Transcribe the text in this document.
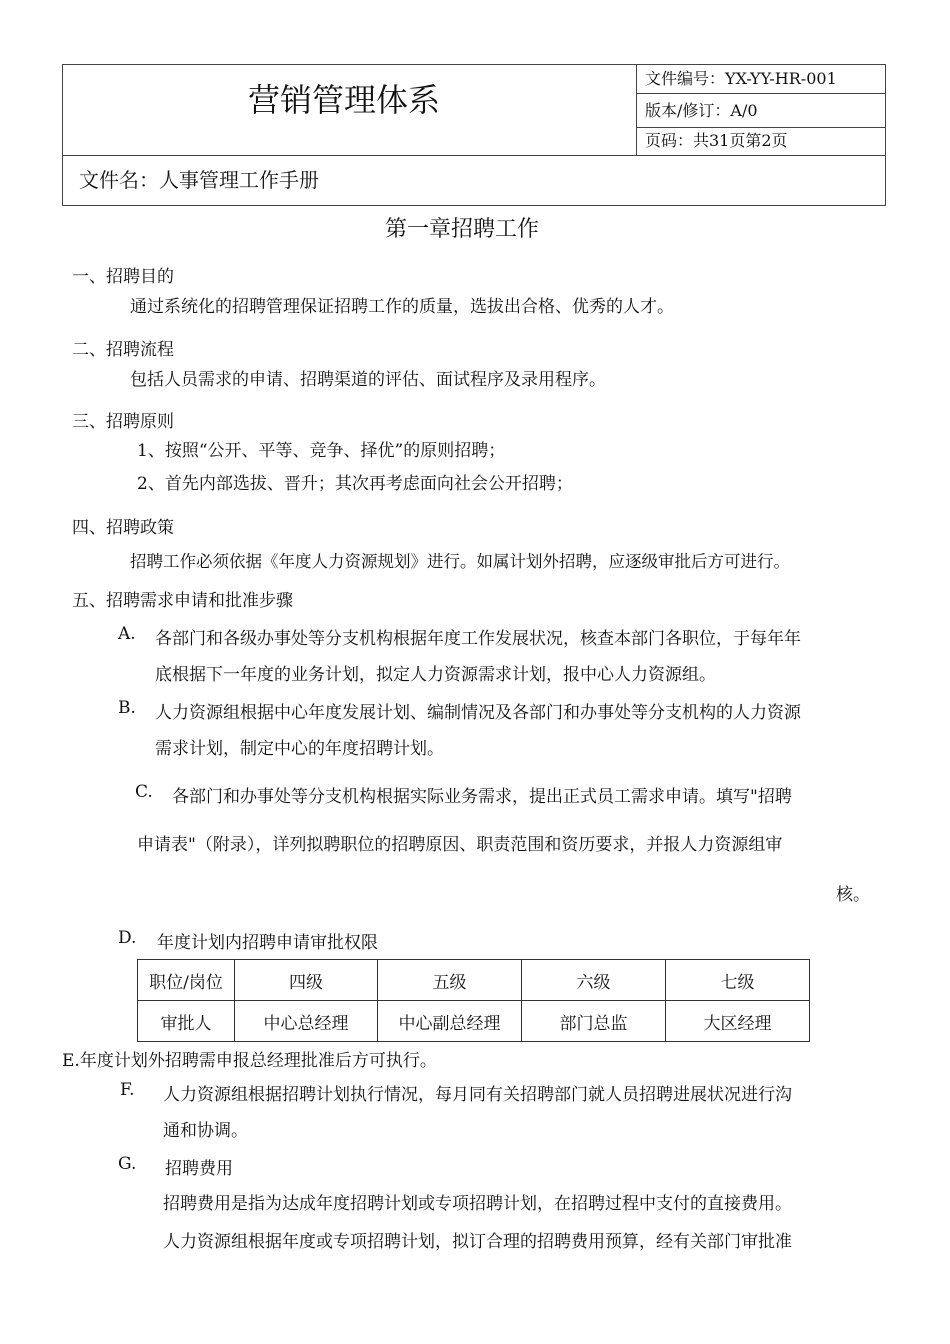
营销管理体系
文件编号：YX-YY-HR-001
版本/修订：A/0
页码：共31页第2页
文件名：人事管理工作手册
第一章招聘工作
一、招聘目的
通过系统化的招聘管理保证招聘工作的质量，选拔出合格、优秀的人才。
二、招聘流程
包括人员需求的申请、招聘渠道的评估、面试程序及录用程序。
三、招聘原则
1、按照“公开、平等、竞争、择优”的原则招聘；
2、首先内部选拔、晋升；其次再考虑面向社会公开招聘；
四、招聘政策
招聘工作必须依据《年度人力资源规划》进行。如属计划外招聘，应逐级审批后方可进行。
五、招聘需求申请和批准步骤
A. 各部门和各级办事处等分支机构根据年度工作发展状况，核查本部门各职位，于每年年
底根据下一年度的业务计划，拟定人力资源需求计划，报中心人力资源组。
B. 人力资源组根据中心年度发展计划、编制情况及各部门和办事处等分支机构的人力资源
需求计划，制定中心的年度招聘计划。
C. 各部门和办事处等分支机构根据实际业务需求，提出正式员工需求申请。填写"招聘
申请表"（附录），详列拟聘职位的招聘原因、职责范围和资历要求，并报人力资源组审
核。
D. 年度计划内招聘申请审批权限
职位/岗位	四级	五级	六级	七级
审批人	中心总经理	中心副总经理	部门总监	大区经理
E.年度计划外招聘需申报总经理批准后方可执行。
F. 人力资源组根据招聘计划执行情况，每月同有关招聘部门就人员招聘进展状况进行沟
通和协调。
G. 招聘费用
招聘费用是指为达成年度招聘计划或专项招聘计划，在招聘过程中支付的直接费用。
人力资源组根据年度或专项招聘计划，拟订合理的招聘费用预算，经有关部门审批准
